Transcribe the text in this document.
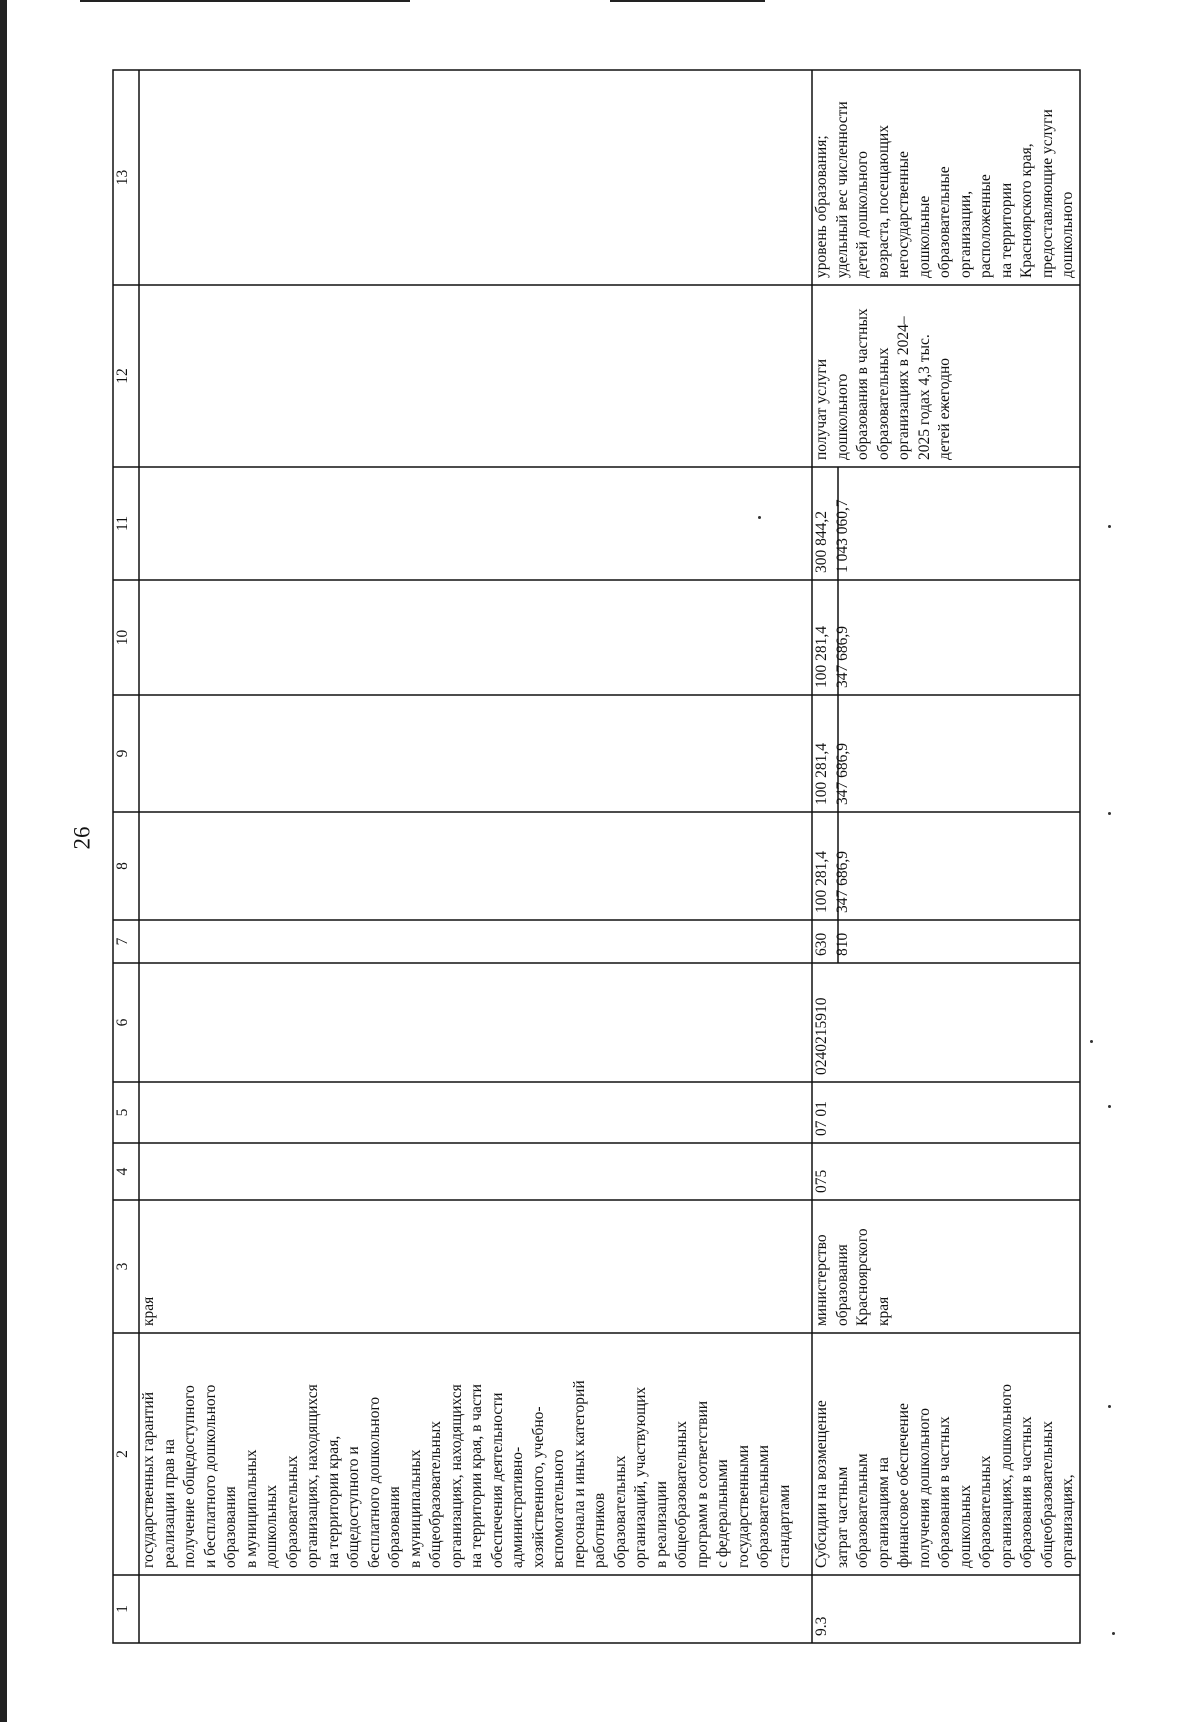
26
1
2
3
4
5
6
7
8
9
10
11
12
13
государственных гарантий реализации прав на получение общедоступного и бесплатного дошкольного образования в муниципальных дошкольных образовательных организациях, находящихся на территории края, общедоступного и бесплатного дошкольного образования в муниципальных общеобразовательных организациях, находящихся на территории края, в части обеспечения деятельности административно- хозяйственного, учебно- вспомогательного персонала и иных категорий работников образовательных организаций, участвующих в реализации общеобразовательных программ в соответствии с федеральными государственными образовательными стандартами
края
9.3
Субсидии на возмещение затрат частным образовательным организациям на финансовое обеспечение получения дошкольного образования в частных дошкольных образовательных организациях, дошкольного образования в частных общеобразовательных организациях,
министерство образования Красноярского края
075
07 01
0240215910
630 810
100 281,4 347 686,9
100 281,4 347 686,9
100 281,4 347 686,9
300 844,2 1 043 060,7
получат услуги дошкольного образования в частных образовательных организациях в 2024– 2025 годах 4,3 тыс. детей ежегодно
уровень образования; удельный вес численности детей дошкольного возраста, посещающих негосударственные дошкольные образовательные организации, расположенные на территории Красноярского края, предоставляющие услуги дошкольного
